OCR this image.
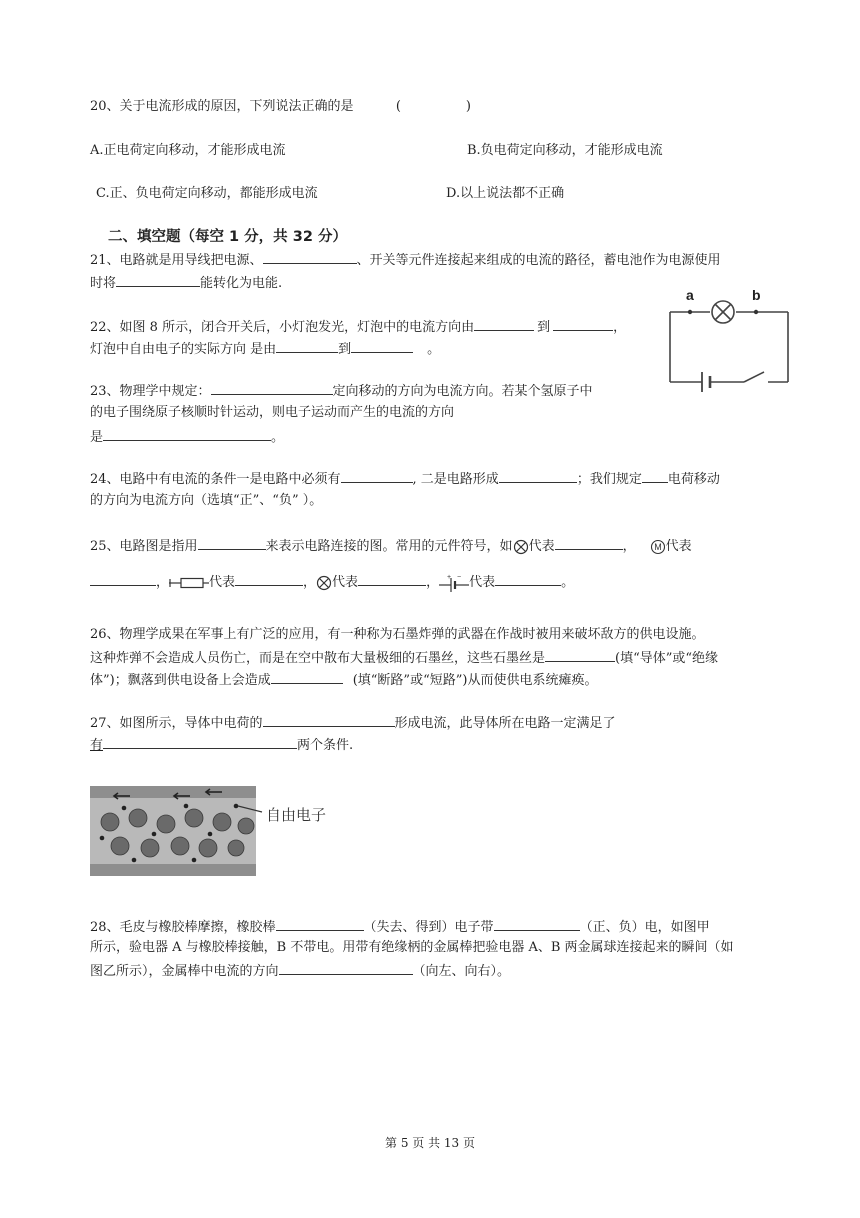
20、关于电流形成的原因，下列说法正确的是	(　　　　　)
A.正电荷定向移动，才能形成电流	B.负电荷定向移动，才能形成电流
C.正、负电荷定向移动，都能形成电流	D.以上说法都不正确
二、填空题（每空 1 分，共 32 分）
21、电路就是用导线把电源、	、开关等元件连接起来组成的电流的路径，蓄电池作为电源使用
时将	能转化为电能.
22、如图 8 所示，闭合开关后，小灯泡发光，灯泡中的电流方向由	到	，
灯泡中自由电子的实际方向 是由	到	。
a	b
23、物理学中规定：	定向移动的方向为电流方向。若某个氢原子中
的电子围绕原子核顺时针运动，则电子运动而产生的电流的方向
是	。
24、电路中有电流的条件一是电路中必须有	, 二是电路形成	；我们规定 电荷移动
的方向为电流方向（选填“正”、“负” ）。
25、电路图是指用	来表示电路连接的图。常用的元件符号，如 代表	， M 代表
，	代表	， 代表	， + − 代表	。
26、物理学成果在军事上有广泛的应用，有一种称为石墨炸弹的武器在作战时被用来破坏敌方的供电设施。
这种炸弹不会造成人员伤亡，而是在空中散布大量极细的石墨丝，这些石墨丝是	(填“导体”或“绝缘
体”)；飘落到供电设备上会造成	(填“断路”或“短路”)从而使供电系统瘫痪。
27、如图所示，导体中电荷的	形成电流，此导体所在电路一定满足了
有	两个条件.
自由电子
28、毛皮与橡胶棒摩擦，橡胶棒	（失去、得到）电子带	（正、负）电，如图甲
所示，验电器 A 与橡胶棒接触，B 不带电。用带有绝缘柄的金属棒把验电器 A、B 两金属球连接起来的瞬间（如
图乙所示），金属棒中电流的方向	（向左、向右）。
第 5 页 共 13 页
